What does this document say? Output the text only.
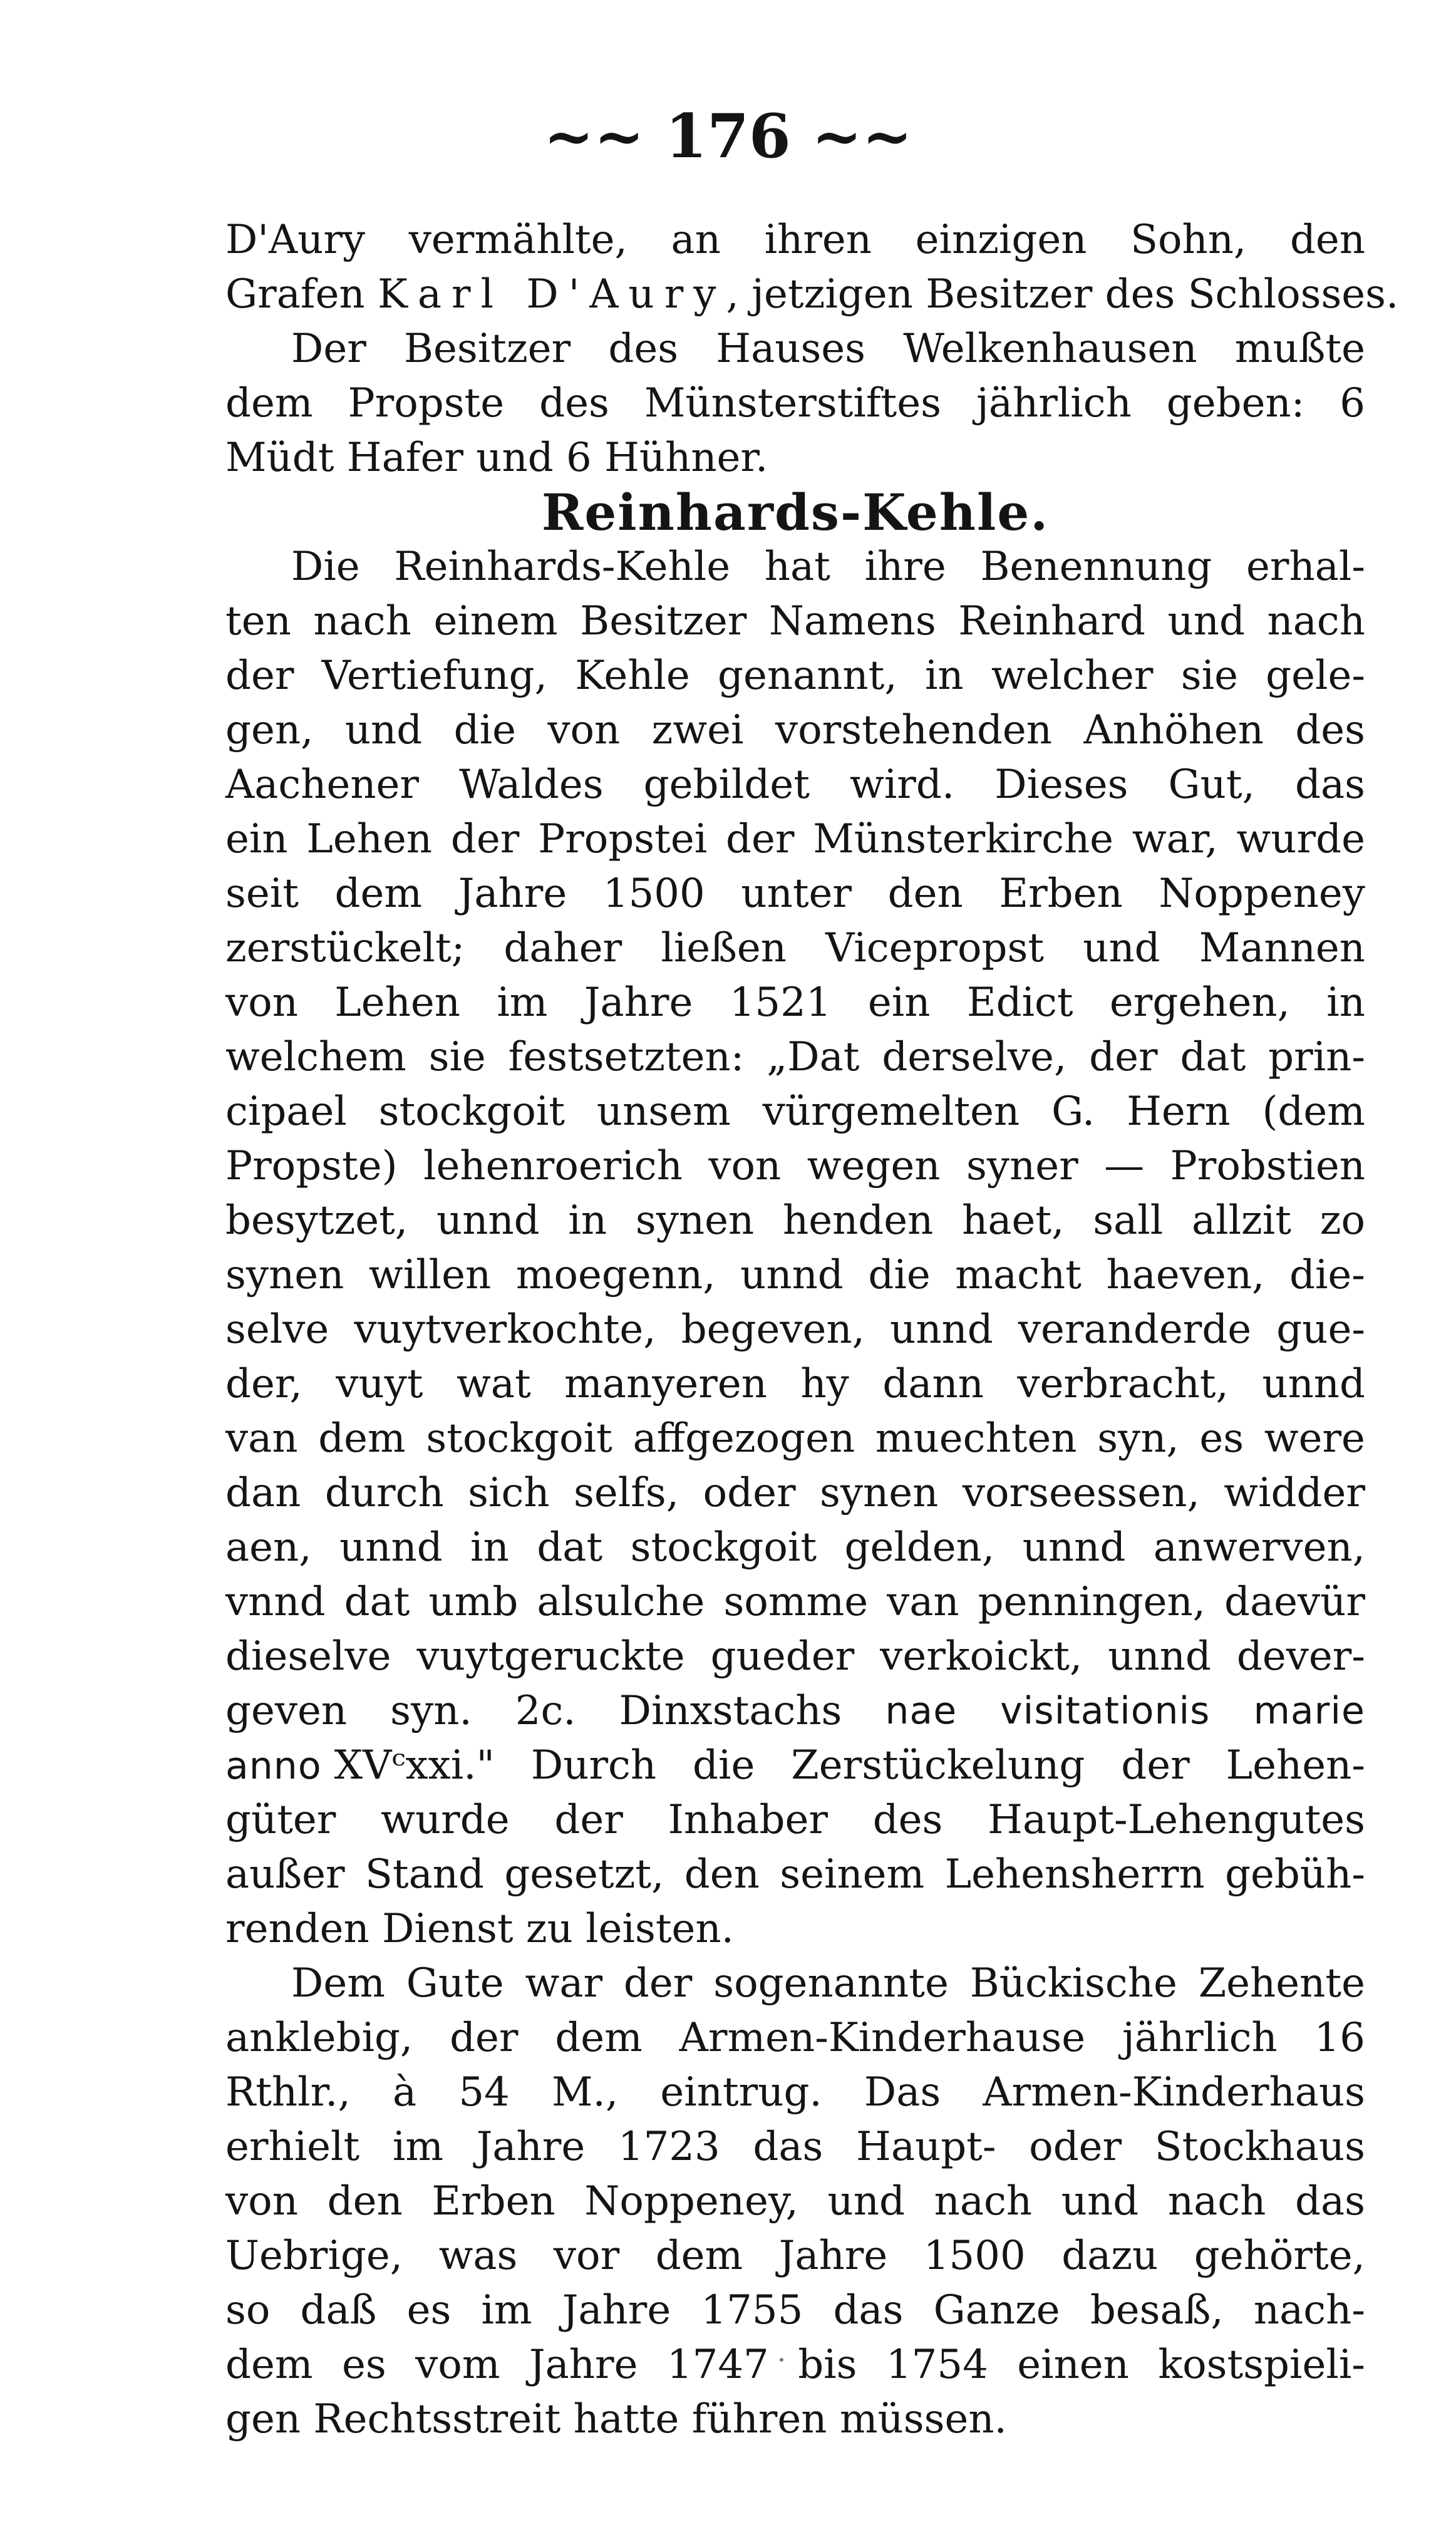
~~ 176 ~~
D'Aury vermählte, an ihren einzigen Sohn, den
Grafen Karl D'Aury , jetzigen Besitzer des Schlosses.
Der Besitzer des Hauses Welkenhausen mußte
dem Propste des Münsterstiftes jährlich geben: 6
Müdt Hafer und 6 Hühner.
Reinhards-Kehle.
Die Reinhards-Kehle hat ihre Benennung erhal-
ten nach einem Besitzer Namens Reinhard und nach
der Vertiefung, Kehle genannt, in welcher sie gele-
gen, und die von zwei vorstehenden Anhöhen des
Aachener Waldes gebildet wird. Dieses Gut, das
ein Lehen der Propstei der Münsterkirche war, wurde
seit dem Jahre 1500 unter den Erben Noppeney
zerstückelt; daher ließen Vicepropst und Mannen
von Lehen im Jahre 1521 ein Edict ergehen, in
welchem sie festsetzten: „Dat derselve, der dat prin-
cipael stockgoit unsem vürgemelten G. Hern (dem
Propste) lehenroerich von wegen syner — Probstien
besytzet, unnd in synen henden haet, sall allzit zo
synen willen moegenn, unnd die macht haeven, die-
selve vuytverkochte, begeven, unnd veranderde gue-
der, vuyt wat manyeren hy dann verbracht, unnd
van dem stockgoit affgezogen muechten syn, es were
dan durch sich selfs, oder synen vorseessen, widder
aen, unnd in dat stockgoit gelden, unnd anwerven,
vnnd dat umb alsulche somme van penningen, daevür
dieselve vuytgeruckte gueder verkoickt, unnd dever-
geven syn. 2c. Dinxstachs nae visitationis marie
anno XVᶜxxi." Durch die Zerstückelung der Lehen-
güter wurde der Inhaber des Haupt-Lehengutes
außer Stand gesetzt, den seinem Lehensherrn gebüh-
renden Dienst zu leisten.
Dem Gute war der sogenannte Bückische Zehente
anklebig, der dem Armen-Kinderhause jährlich 16
Rthlr., à 54 M., eintrug. Das Armen-Kinderhaus
erhielt im Jahre 1723 das Haupt- oder Stockhaus
von den Erben Noppeney, und nach und nach das
Uebrige, was vor dem Jahre 1500 dazu gehörte,
so daß es im Jahre 1755 das Ganze besaß, nach-
dem es vom Jahre 1747 bis 1754 einen kostspieli-
gen Rechtsstreit hatte führen müssen.
